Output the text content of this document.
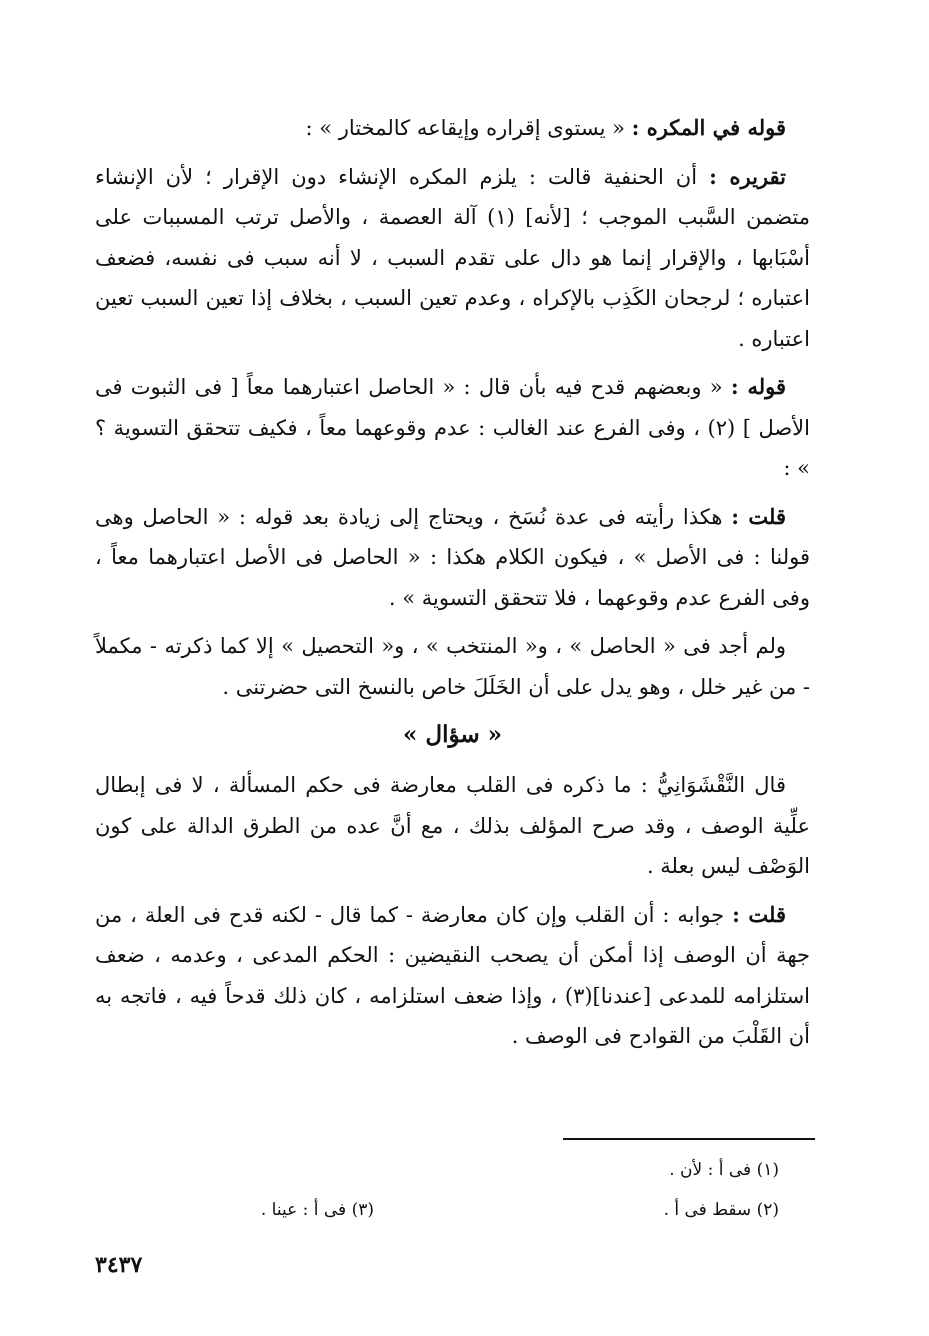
قوله في المكره : « يستوى إقراره وإيقاعه كالمختار » :

تقريره : أن الحنفية قالت : يلزم المكره الإنشاء دون الإقرار ؛ لأن الإنشاء متضمن السَّبب الموجب ؛ [لأنه] (١) آلة العصمة ، والأصل ترتب المسببات على أسْبَابها ، والإقرار إنما هو دال على تقدم السبب ، لا أنه سبب فى نفسه، فضعف اعتباره ؛ لرجحان الكَذِب بالإكراه ، وعدم تعين السبب ، بخلاف إذا تعين السبب تعين اعتباره .

قوله : « وبعضهم قدح فيه بأن قال : « الحاصل اعتبارهما معاً [ فى الثبوت فى الأصل ] (٢) ، وفى الفرع عند الغالب : عدم وقوعهما معاً ، فكيف تتحقق التسوية ؟ » :

قلت : هكذا رأيته فى عدة نُسَخ ، ويحتاج إلى زيادة بعد قوله : « الحاصل وهى قولنا : فى الأصل » ، فيكون الكلام هكذا : « الحاصل فى الأصل اعتبارهما معاً ، وفى الفرع عدم وقوعهما ، فلا تتحقق التسوية » .

ولم أجد فى « الحاصل » ، و« المنتخب » ، و« التحصيل » إلا كما ذكرته - مكملاً - من غير خلل ، وهو يدل على أن الخَلَلَ خاص بالنسخ التى حضرتنى .

« سؤال »

قال النَّقْشَوَانِيُّ : ما ذكره فى القلب معارضة فى حكم المسألة ، لا فى إبطال علِّية الوصف ، وقد صرح المؤلف بذلك ، مع أنَّ عده من الطرق الدالة على كون الوَصْف ليس بعلة .

قلت : جوابه : أن القلب وإن كان معارضة - كما قال - لكنه قدح فى العلة ، من جهة أن الوصف إذا أمكن أن يصحب النقيضين : الحكم المدعى ، وعدمه ، ضعف استلزامه للمدعى [عندنا](٣) ، وإذا ضعف استلزامه ، كان ذلك قدحاً فيه ، فاتجه به أن القَلْبَ من القوادح فى الوصف .

(١) فى أ : لأن .
(٢) سقط فى أ .
(٣) فى أ : عينا .
٣٤٣٧
